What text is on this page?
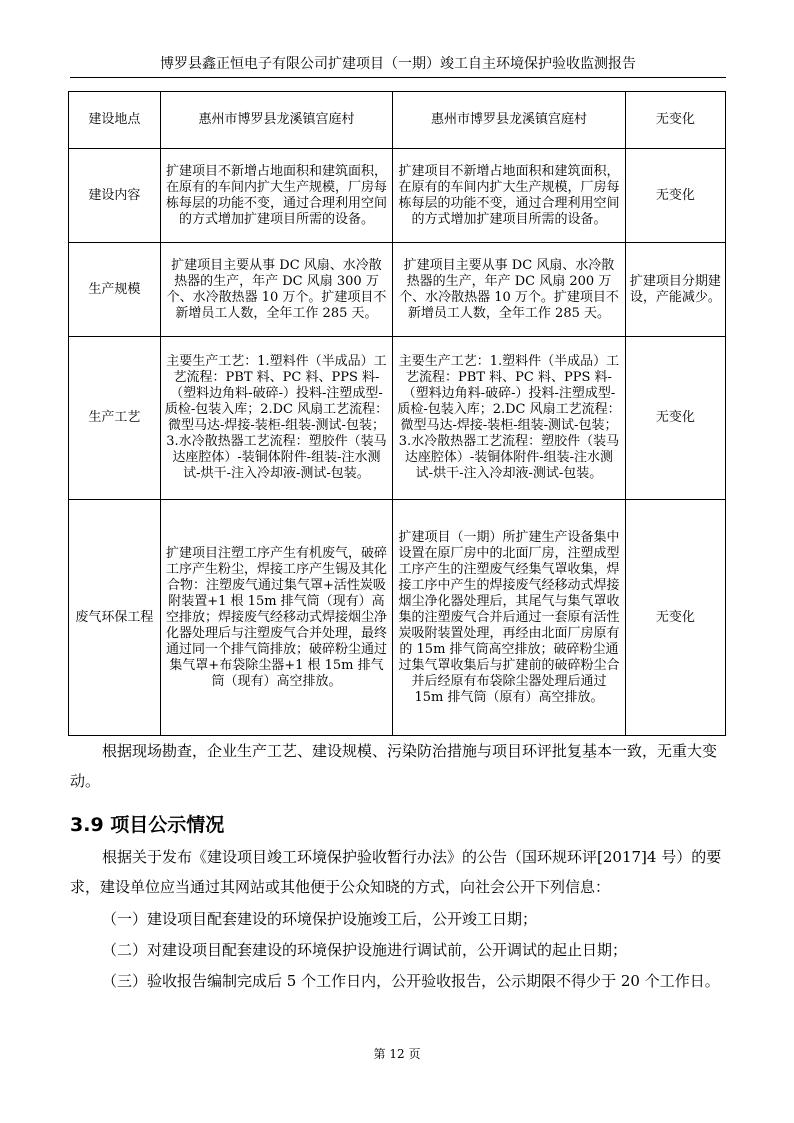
博罗县鑫正恒电子有限公司扩建项目（一期）竣工自主环境保护验收监测报告
建设地点	惠州市博罗县龙溪镇宫庭村	惠州市博罗县龙溪镇宫庭村	无变化
建设内容	扩建项目不新增占地面积和建筑面积，在原有的车间内扩大生产规模，厂房每栋每层的功能不变，通过合理利用空间的方式增加扩建项目所需的设备。	扩建项目不新增占地面积和建筑面积，在原有的车间内扩大生产规模，厂房每栋每层的功能不变，通过合理利用空间的方式增加扩建项目所需的设备。	无变化
生产规模	扩建项目主要从事 DC 风扇、水冷散热器的生产，年产 DC 风扇 300 万个、水冷散热器 10 万个。扩建项目不新增员工人数，全年工作 285 天。	扩建项目主要从事 DC 风扇、水冷散热器的生产，年产 DC 风扇 200 万个、水冷散热器 10 万个。扩建项目不新增员工人数，全年工作 285 天。	扩建项目分期建设，产能减少。
生产工艺	主要生产工艺：1.塑料件（半成品）工艺流程：PBT 料、PC 料、PPS 料-（塑料边角料-破碎-）投料-注塑成型-质检-包装入库；2.DC 风扇工艺流程：微型马达-焊接-装柜-组装-测试-包装；3.水冷散热器工艺流程：塑胶件（装马达座腔体）-装铜体附件-组装-注水测试-烘干-注入冷却液-测试-包装。	主要生产工艺：1.塑料件（半成品）工艺流程：PBT 料、PC 料、PPS 料-（塑料边角料-破碎-）投料-注塑成型-质检-包装入库；2.DC 风扇工艺流程：微型马达-焊接-装柜-组装-测试-包装；3.水冷散热器工艺流程：塑胶件（装马达座腔体）-装铜体附件-组装-注水测试-烘干-注入冷却液-测试-包装。	无变化
废气环保工程	扩建项目注塑工序产生有机废气，破碎工序产生粉尘，焊接工序产生锡及其化合物：注塑废气通过集气罩+活性炭吸附装置+1 根 15m 排气筒（现有）高空排放；焊接废气经移动式焊接烟尘净化器处理后与注塑废气合并处理，最终通过同一个排气筒排放；破碎粉尘通过集气罩+布袋除尘器+1 根 15m 排气筒（现有）高空排放。	扩建项目（一期）所扩建生产设备集中设置在原厂房中的北面厂房，注塑成型工序产生的注塑废气经集气罩收集，焊接工序中产生的焊接废气经移动式焊接烟尘净化器处理后，其尾气与集气罩收集的注塑废气合并后通过一套原有活性炭吸附装置处理，再经由北面厂房原有的 15m 排气筒高空排放；破碎粉尘通过集气罩收集后与扩建前的破碎粉尘合并后经原有布袋除尘器处理后通过 15m 排气筒（原有）高空排放。	无变化
根据现场勘查，企业生产工艺、建设规模、污染防治措施与项目环评批复基本一致，无重大变动。
3.9 项目公示情况
根据关于发布《建设项目竣工环境保护验收暂行办法》的公告（国环规环评[2017]4 号）的要求，建设单位应当通过其网站或其他便于公众知晓的方式，向社会公开下列信息：
（一）建设项目配套建设的环境保护设施竣工后，公开竣工日期；
（二）对建设项目配套建设的环境保护设施进行调试前，公开调试的起止日期；
（三）验收报告编制完成后 5 个工作日内，公开验收报告，公示期限不得少于 20 个工作日。
第 12 页
